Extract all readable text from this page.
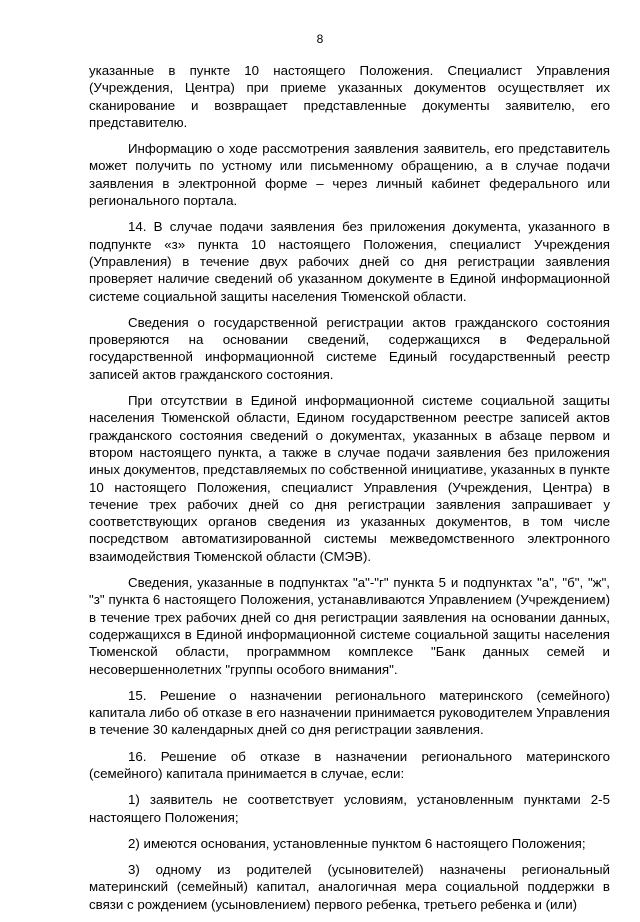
8

указанные в пункте 10 настоящего Положения. Специалист Управления (Учреждения, Центра) при приеме указанных документов осуществляет их сканирование и возвращает представленные документы заявителю, его представителю.

Информацию о ходе рассмотрения заявления заявитель, его представитель может получить по устному или письменному обращению, а в случае подачи заявления в электронной форме – через личный кабинет федерального или регионального портала.

14. В случае подачи заявления без приложения документа, указанного в подпункте «з» пункта 10 настоящего Положения, специалист Учреждения (Управления) в течение двух рабочих дней со дня регистрации заявления проверяет наличие сведений об указанном документе в Единой информационной системе социальной защиты населения Тюменской области.

Сведения о государственной регистрации актов гражданского состояния проверяются на основании сведений, содержащихся в Федеральной государственной информационной системе Единый государственный реестр записей актов гражданского состояния.

При отсутствии в Единой информационной системе социальной защиты населения Тюменской области, Едином государственном реестре записей актов гражданского состояния сведений о документах, указанных в абзаце первом и втором настоящего пункта, а также в случае подачи заявления без приложения иных документов, представляемых по собственной инициативе, указанных в пункте 10 настоящего Положения, специалист Управления (Учреждения, Центра) в течение трех рабочих дней со дня регистрации заявления запрашивает у соответствующих органов сведения из указанных документов, в том числе посредством автоматизированной системы межведомственного электронного взаимодействия Тюменской области (СМЭВ).

Сведения, указанные в подпунктах "а"-"г" пункта 5 и подпунктах "а", "б", "ж", "з" пункта 6 настоящего Положения, устанавливаются Управлением (Учреждением) в течение трех рабочих дней со дня регистрации заявления на основании данных, содержащихся в Единой информационной системе социальной защиты населения Тюменской области, программном комплексе "Банк данных семей и несовершеннолетних "группы особого внимания".

15. Решение о назначении регионального материнского (семейного) капитала либо об отказе в его назначении принимается руководителем Управления в течение 30 календарных дней со дня регистрации заявления.

16. Решение об отказе в назначении регионального материнского (семейного) капитала принимается в случае, если:

1) заявитель не соответствует условиям, установленным пунктами 2-5 настоящего Положения;

2) имеются основания, установленные пунктом 6 настоящего Положения;

3) одному из родителей (усыновителей) назначены региональный материнский (семейный) капитал, аналогичная мера социальной поддержки в связи с рождением (усыновлением) первого ребенка, третьего ребенка и (или)
